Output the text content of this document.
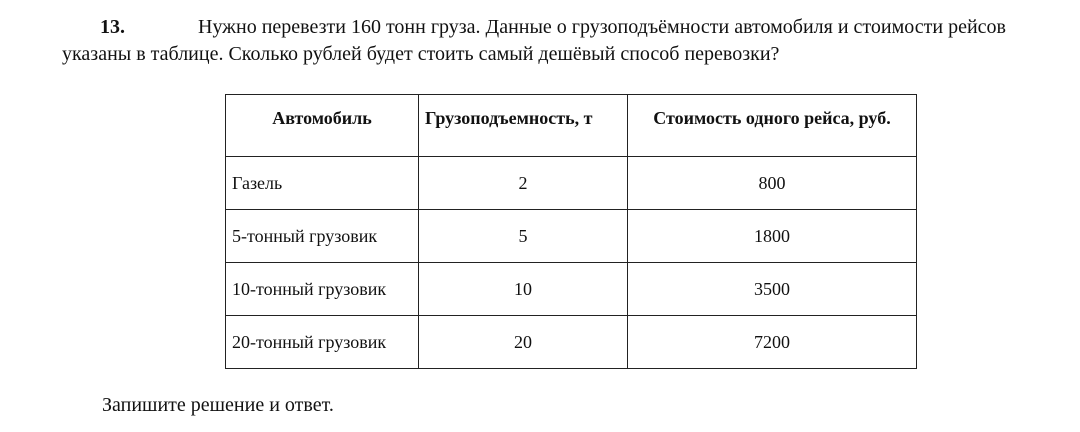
13.	Нужно перевезти 160 тонн груза. Данные о грузоподъёмности автомобиля и стоимости рейсов указаны в таблице. Сколько рублей будет стоить самый дешёвый способ перевозки?
Автомобиль	Грузоподъемность, т	Стоимость одного рейса, руб.
Газель	2	800
5-тонный грузовик	5	1800
10-тонный грузовик	10	3500
20-тонный грузовик	20	7200
Запишите решение и ответ.
